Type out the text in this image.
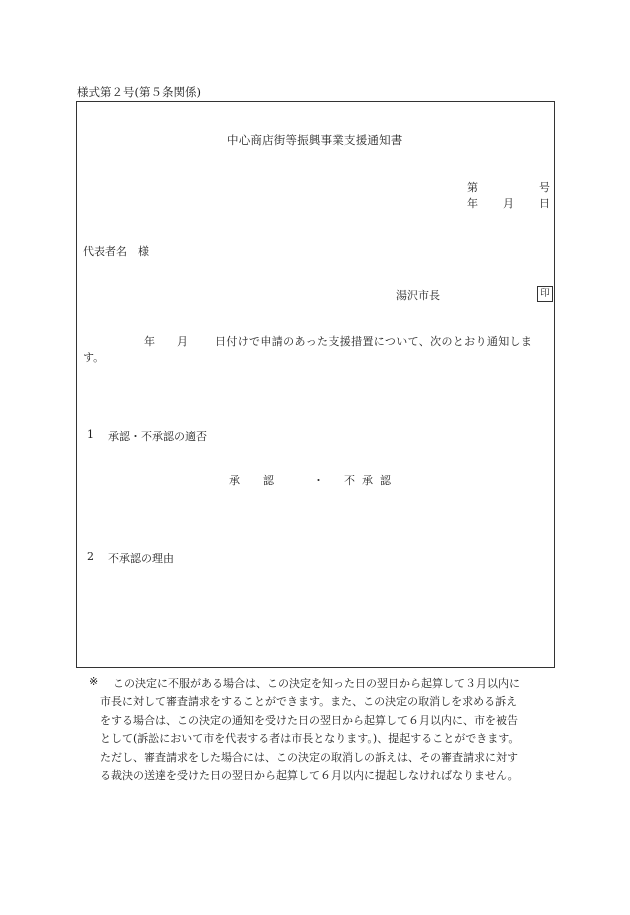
様式第２号(第５条関係)
中心商店街等振興事業支援通知書
第	号
年 月 日
代表者名　様
湯沢市長	印
年 月 日付けで申請のあった支援措置について、次のとおり通知しま
す。
1 承認・不承認の適否
承認 ・ 不承認
2 不承認の理由
※	この決定に不服がある場合は、この決定を知った日の翌日から起算して３月以内に
市長に対して審査請求をすることができます。また、この決定の取消しを求める訴え
をする場合は、この決定の通知を受けた日の翌日から起算して６月以内に、市を被告
として(訴訟において市を代表する者は市長となります。)、提起することができます。
ただし、審査請求をした場合には、この決定の取消しの訴えは、その審査請求に対す
る裁決の送達を受けた日の翌日から起算して６月以内に提起しなければなりません。
